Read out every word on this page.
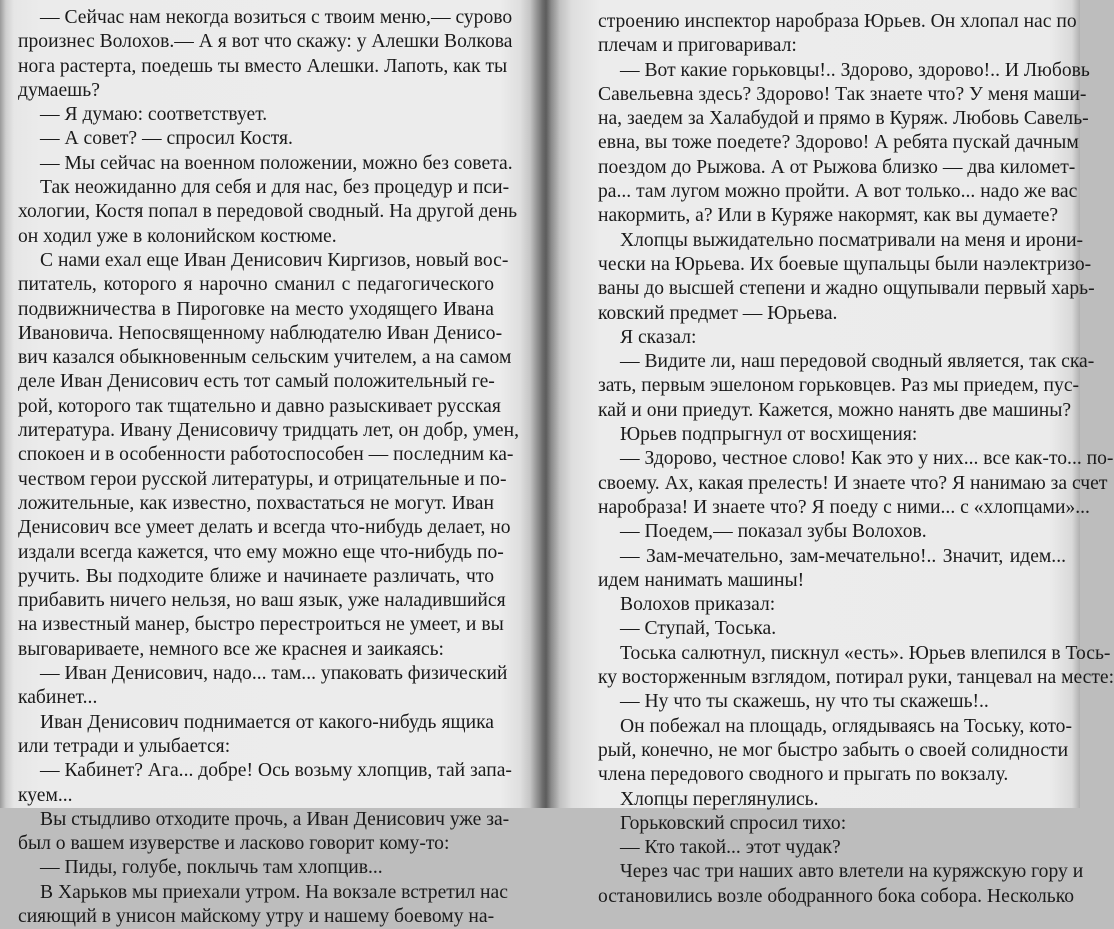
— Сейчас нам некогда возиться с твоим меню,— сурово
произнес Волохов.— А я вот что скажу: у Алешки Волкова
нога растерта, поедешь ты вместо Алешки. Лапоть, как ты
думаешь?
— Я думаю: соответствует.
— А совет? — спросил Костя.
— Мы сейчас на военном положении, можно без совета.
Так неожиданно для себя и для нас, без процедур и пси-
хологии, Костя попал в передовой сводный. На другой день
он ходил уже в колонийском костюме.
С нами ехал еще Иван Денисович Киргизов, новый вос-
питатель, которого я нарочно сманил с педагогического
подвижничества в Пироговке на место уходящего Ивана
Ивановича. Непосвященному наблюдателю Иван Денисо-
вич казался обыкновенным сельским учителем, а на самом
деле Иван Денисович есть тот самый положительный ге-
рой, которого так тщательно и давно разыскивает русская
литература. Ивану Денисовичу тридцать лет, он добр, умен,
спокоен и в особенности работоспособен — последним ка-
чеством герои русской литературы, и отрицательные и по-
ложительные, как известно, похвастаться не могут. Иван
Денисович все умеет делать и всегда что-нибудь делает, но
издали всегда кажется, что ему можно еще что-нибудь по-
ручить. Вы подходите ближе и начинаете различать, что
прибавить ничего нельзя, но ваш язык, уже наладившийся
на известный манер, быстро перестроиться не умеет, и вы
выговариваете, немного все же краснея и заикаясь:
— Иван Денисович, надо... там... упаковать физический
кабинет...
Иван Денисович поднимается от какого-нибудь ящика
или тетради и улыбается:
— Кабинет? Ага... добре! Ось возьму хлопцив, тай запа-
куем...
Вы стыдливо отходите прочь, а Иван Денисович уже за-
был о вашем изуверстве и ласково говорит кому-то:
— Пиды, голубе, поклычь там хлопцив...
В Харьков мы приехали утром. На вокзале встретил нас
сияющий в унисон майскому утру и нашему боевому на-
строению инспектор наробраза Юрьев. Он хлопал нас по
плечам и приговаривал:
— Вот какие горьковцы!.. Здорово, здорово!.. И Любовь
Савельевна здесь? Здорово! Так знаете что? У меня маши-
на, заедем за Халабудой и прямо в Куряж. Любовь Савель-
евна, вы тоже поедете? Здорово! А ребята пускай дачным
поездом до Рыжова. А от Рыжова близко — два километ-
ра... там лугом можно пройти. А вот только... надо же вас
накормить, а? Или в Куряже накормят, как вы думаете?
Хлопцы выжидательно посматривали на меня и ирони-
чески на Юрьева. Их боевые щупальцы были наэлектризо-
ваны до высшей степени и жадно ощупывали первый харь-
ковский предмет — Юрьева.
Я сказал:
— Видите ли, наш передовой сводный является, так ска-
зать, первым эшелоном горьковцев. Раз мы приедем, пус-
кай и они приедут. Кажется, можно нанять две машины?
Юрьев подпрыгнул от восхищения:
— Здорово, честное слово! Как это у них... все как-то... по-
своему. Ах, какая прелесть! И знаете что? Я нанимаю за счет
наробраза! И знаете что? Я поеду с ними... с «хлопцами»...
— Поедем,— показал зубы Волохов.
— Зам-мечательно, зам-мечательно!.. Значит, идем...
идем нанимать машины!
Волохов приказал:
— Ступай, Тоська.
Тоська салютнул, пискнул «есть». Юрьев влепился в Тось-
ку восторженным взглядом, потирал руки, танцевал на месте:
— Ну что ты скажешь, ну что ты скажешь!..
Он побежал на площадь, оглядываясь на Тоську, кото-
рый, конечно, не мог быстро забыть о своей солидности
члена передового сводного и прыгать по вокзалу.
Хлопцы переглянулись.
Горьковский спросил тихо:
— Кто такой... этот чудак?
Через час три наших авто влетели на куряжскую гору и
остановились возле ободранного бока собора. Несколько
